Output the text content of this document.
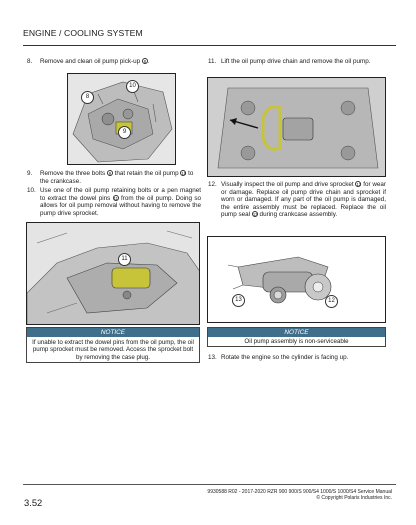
ENGINE / COOLING SYSTEM
8.	Remove and clean oil pump pick-up 8 .
10
8
9
9.	Remove the three bolts 9 that retain the oil pump 10 to the crankcase.
10. Use one of the oil pump retaining bolts or a pen magnet to extract the dowel pins 11 from the oil pump. Doing so allows for oil pump removal without having to remove the pump drive sprocket.
11
NOTICE
If unable to extract the dowel pins from the oil pump, the oil pump sprocket must be removed. Access the sprocket bolt by removing the case plug.
11. Lift the oil pump drive chain and remove the oil pump.
12. Visually inspect the oil pump and drive sprocket 12 for wear or damage. Replace oil pump drive chain and sprocket if worn or damaged. If any part of the oil pump is damaged, the entire assembly must be replaced. Replace the oil pump seal 13 during crankcase assembly.
13	12
NOTICE
Oil pump assembly is non-serviceable
13. Rotate the engine so the cylinder is facing up.
3.52
9930588 R02 - 2017-2020 RZR 900 900/S 900/S4 1000/S 1000/S4 Service Manual
© Copyright Polaris Industries Inc.
